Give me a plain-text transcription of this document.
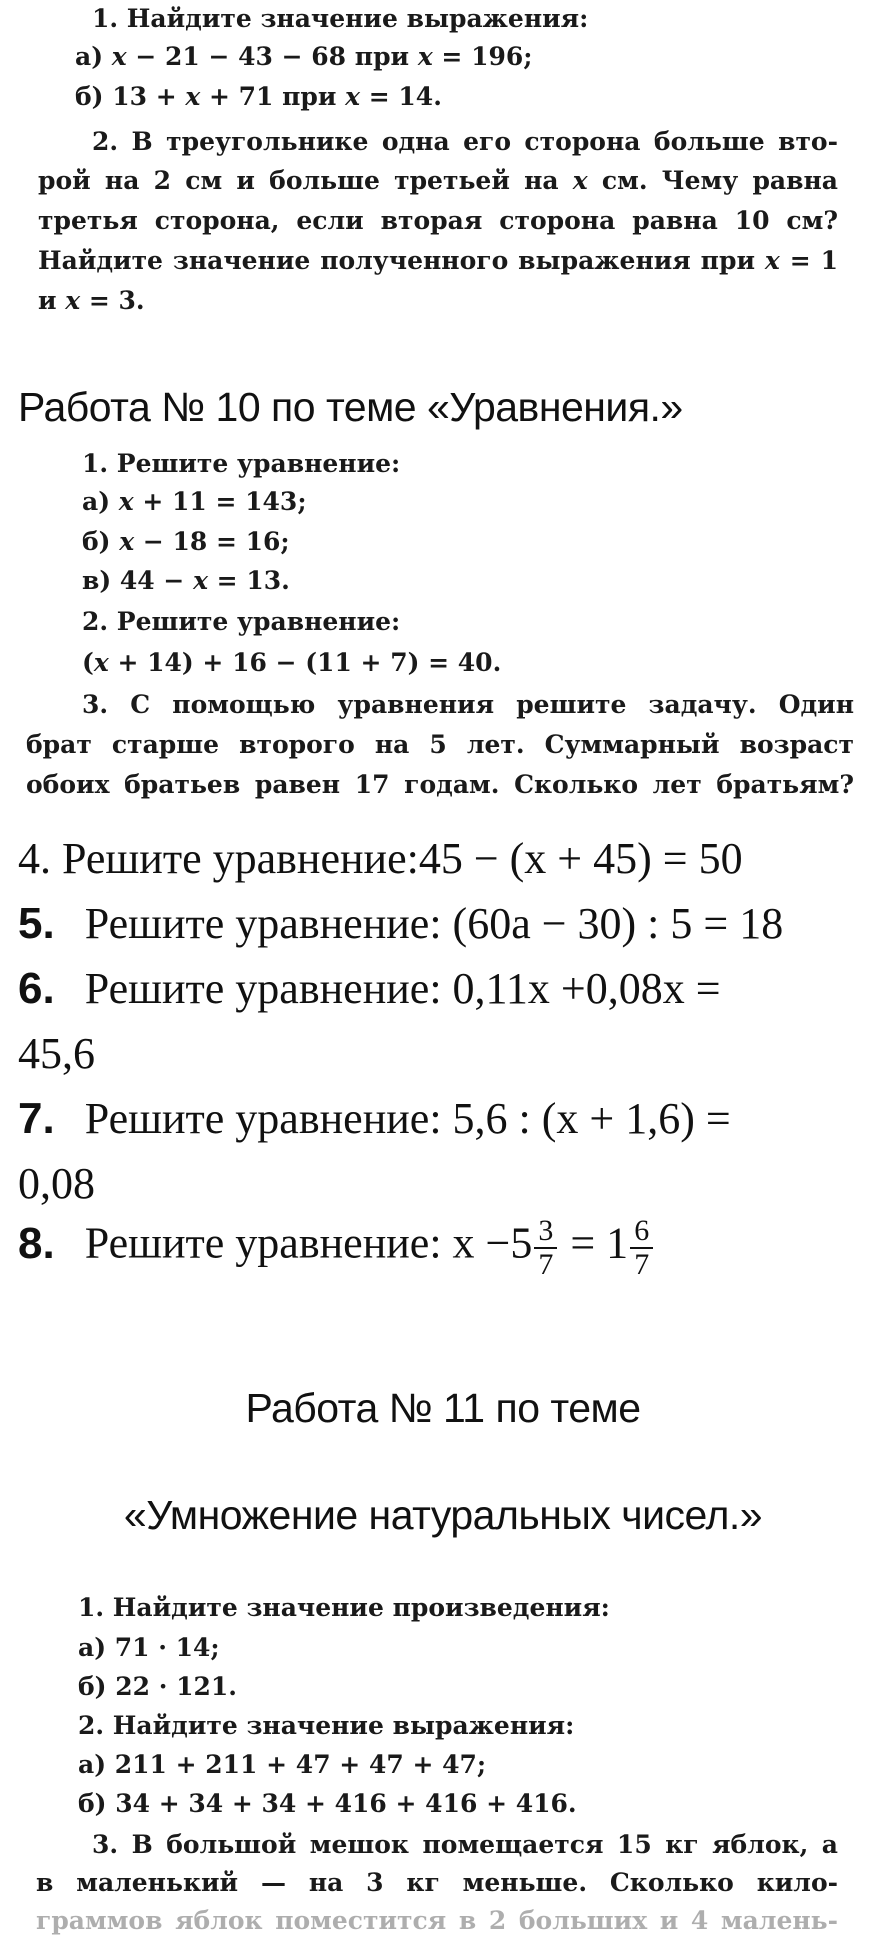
1. Найдите значение выражения:
а) x − 21 − 43 − 68 при x = 196;
б) 13 + x + 71 при x = 14.
2. В треугольнике одна его сторона больше вто-
рой на 2 см и больше третьей на x см. Чему равна
третья сторона, если вторая сторона равна 10 см?
Найдите значение полученного выражения при x = 1
и x = 3.
Работа № 10 по теме «Уравнения.»
1. Решите уравнение:
а) x + 11 = 143;
б) x − 18 = 16;
в) 44 − x = 13.
2. Решите уравнение:
(x + 14) + 16 − (11 + 7) = 40.
3. С помощью уравнения решите задачу. Один
брат старше второго на 5 лет. Суммарный возраст
обоих братьев равен 17 годам. Сколько лет братьям?
4. Решите уравнение:45 − (x + 45) = 50
5. Решите уравнение: (60a − 30) : 5 = 18
6. Решите уравнение: 0,11x +0,08x =
45,6
7. Решите уравнение: 5,6 : (x + 1,6) =
0,08
8. Решите уравнение: $x -5 \frac{3}{7} = 1 \frac{6}{7}$
Работа № 11 по теме
«Умножение натуральных чисел.»
1. Найдите значение произведения:
а) 71 · 14;
б) 22 · 121.
2. Найдите значение выражения:
а) 211 + 211 + 47 + 47 + 47;
б) 34 + 34 + 34 + 416 + 416 + 416.
3. В большой мешок помещается 15 кг яблок, а
в маленький — на 3 кг меньше. Сколько кило-
граммов яблок поместится в 2 больших и 4 малень-
